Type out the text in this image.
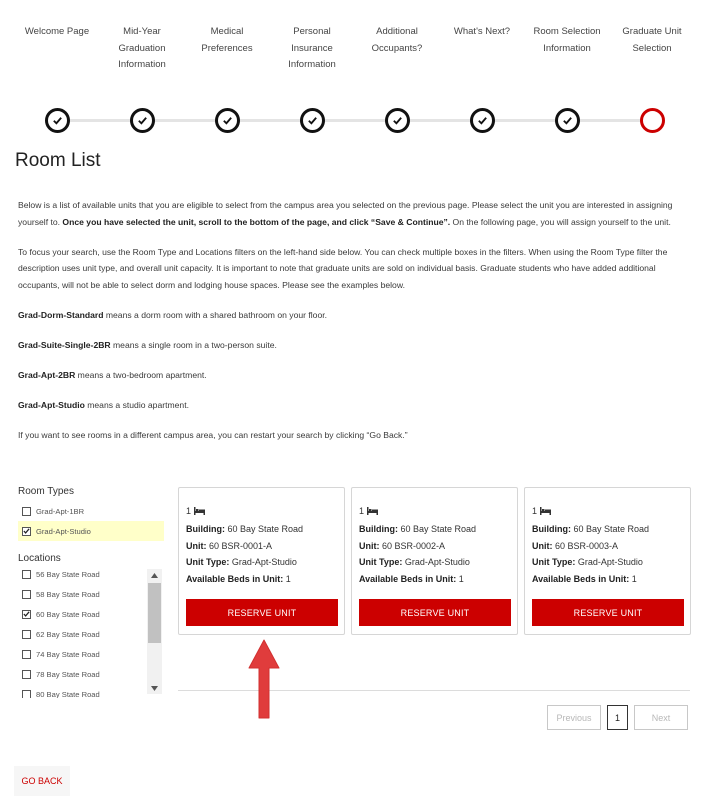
Welcome Page	Mid-Year
Graduation
Information
Medical
Preferences
Personal
Insurance
Information
Additional
Occupants?
What's Next?	Room Selection
Information
Graduate Unit
Selection
Room List

Below is a list of available units that you are eligible to select from the campus area you selected on the previous page. Please select the unit you are interested in assigning yourself to. Once you have selected the unit, scroll to the bottom of the page, and click “Save & Continue”. On the following page, you will assign yourself to the unit.

To focus your search, use the Room Type and Locations filters on the left-hand side below. You can check multiple boxes in the filters. When using the Room Type filter the description uses unit type, and overall unit capacity. It is important to note that graduate units are sold on individual basis. Graduate students who have added additional occupants, will not be able to select dorm and lodging house spaces. Please see the examples below.

Grad-Dorm-Standard means a dorm room with a shared bathroom on your floor.

Grad-Suite-Single-2BR means a single room in a two-person suite.

Grad-Apt-2BR means a two-bedroom apartment.

Grad-Apt-Studio means a studio apartment.

If you want to see rooms in a different campus area, you can restart your search by clicking “Go Back.”

Room Types
Grad-Apt-1BR
Grad-Apt-Studio
Locations
56 Bay State Road
58 Bay State Road
60 Bay State Road
62 Bay State Road
74 Bay State Road
78 Bay State Road
80 Bay State Road
1
Building: 60 Bay State Road
Unit: 60 BSR-0001-A
Unit Type: Grad-Apt-Studio
Available Beds in Unit: 1
RESERVE UNIT
1
Building: 60 Bay State Road
Unit: 60 BSR-0002-A
Unit Type: Grad-Apt-Studio
Available Beds in Unit: 1
RESERVE UNIT
1
Building: 60 Bay State Road
Unit: 60 BSR-0003-A
Unit Type: Grad-Apt-Studio
Available Beds in Unit: 1
RESERVE UNIT
Previous	1	Next
GO BACK
